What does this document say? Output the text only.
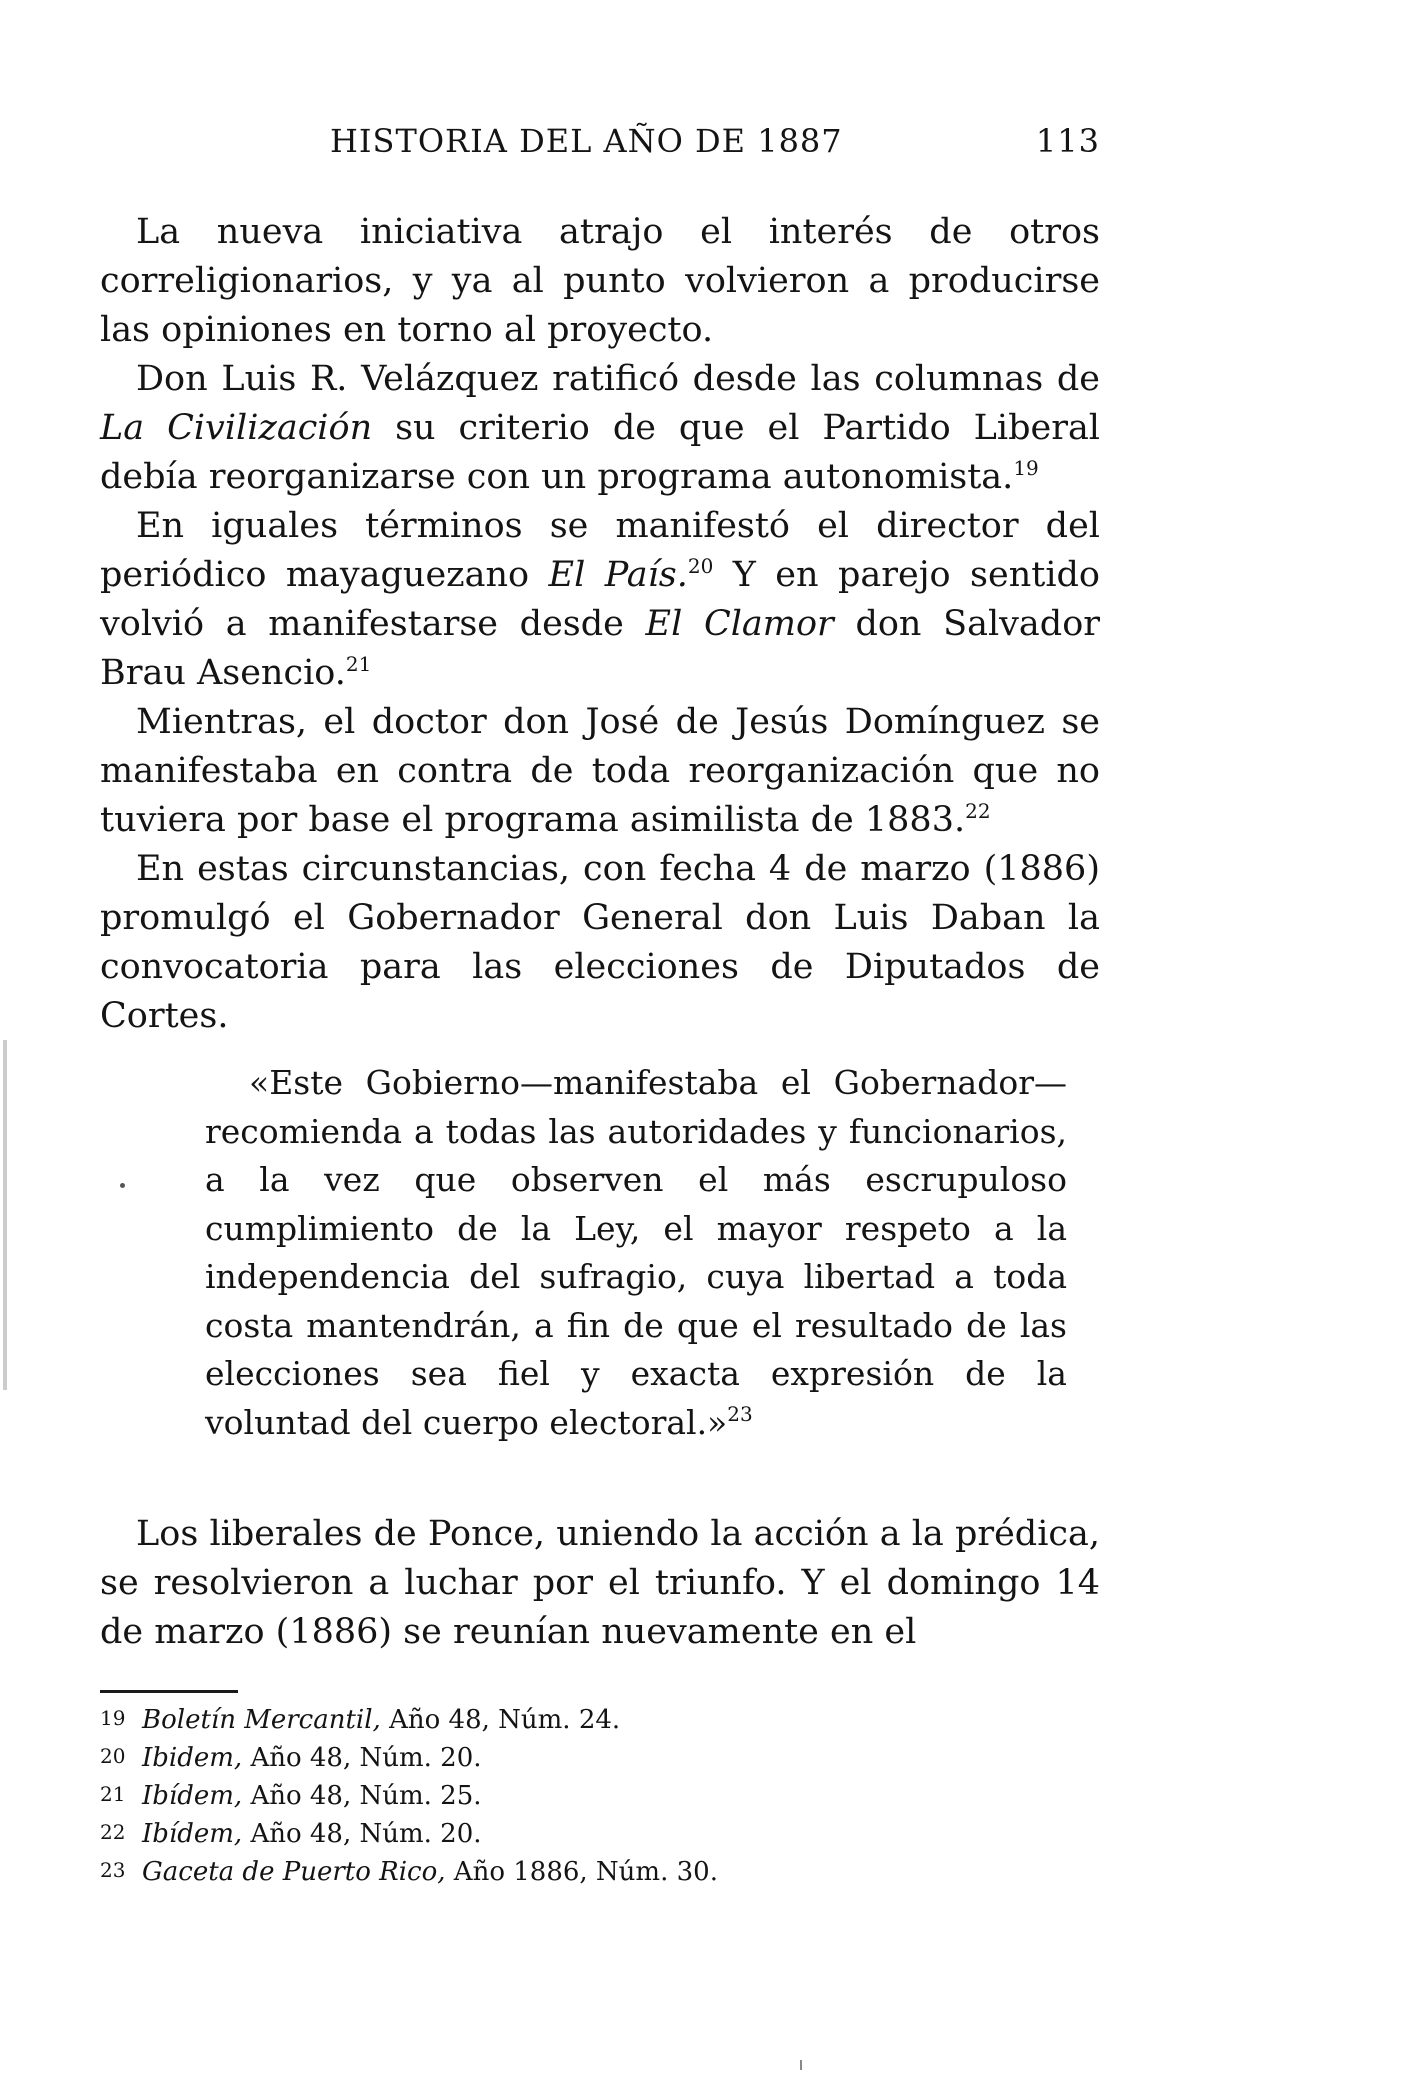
HISTORIA DEL AÑO DE 1887	113

La nueva iniciativa atrajo el interés de otros correligionarios, y ya al punto volvieron a producirse las opiniones en torno al proyecto.

Don Luis R. Velázquez ratificó desde las columnas de La Civilización su criterio de que el Partido Liberal debía reorganizarse con un programa autonomista.$^{19}$

En iguales términos se manifestó el director del periódico mayaguezano El País.$^{20}$ Y en parejo sentido volvió a manifestarse desde El Clamor don Salvador Brau Asencio.$^{21}$

Mientras, el doctor don José de Jesús Domínguez se manifestaba en contra de toda reorganización que no tuviera por base el programa asimilista de 1883.22

En estas circunstancias, con fecha 4 de marzo (1886) promulgó el Gobernador General don Luis Daban la convocatoria para las elecciones de Diputados de Cortes.

«Este Gobierno—manifestaba el Gobernador—recomienda a todas las autoridades y funcionarios, a la vez que observen el más escrupuloso cumplimiento de la Ley, el mayor respeto a la independencia del sufragio, cuya libertad a toda costa mantendrán, a fin de que el resultado de las elecciones sea fiel y exacta expresión de la voluntad del cuerpo electoral.»$^{23}$

Los liberales de Ponce, uniendo la acción a la prédica, se resolvieron a luchar por el triunfo. Y el domingo 14 de marzo (1886) se reunían nuevamente en el

19 Boletín Mercantil, Año 48, Núm. 24.
20 Ibidem, Año 48, Núm. 20.
21 Ibídem, Año 48, Núm. 25.
22 Ibídem, Año 48, Núm. 20.
23 Gaceta de Puerto Rico, Año 1886, Núm. 30.
